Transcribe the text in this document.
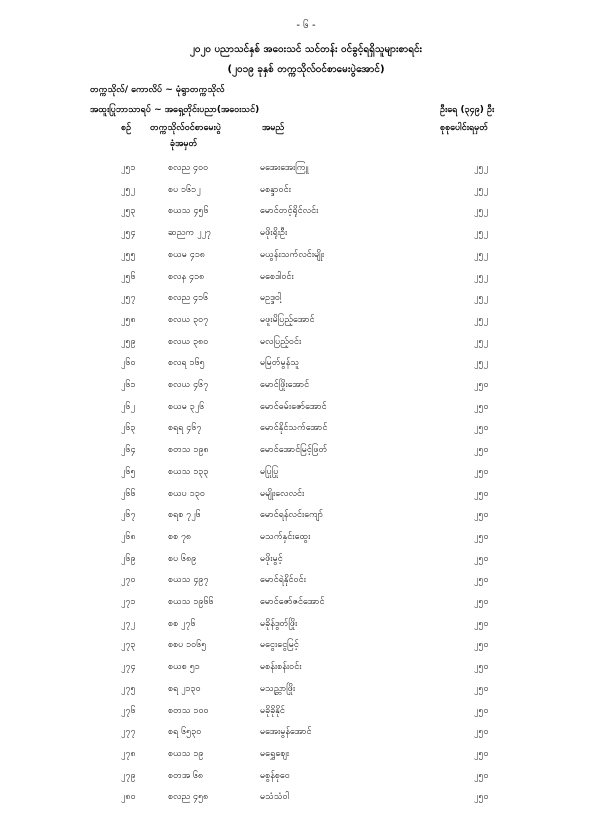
- ၆ -
၂၀၂၀ ပညာသင်နှစ် အဝေးသင် သင်တန်း ဝင်ခွင့်ရရှိသူများစာရင်း
(၂၀၁၉ ခုနှစ် တက္ကသိုလ်ဝင်စာမေးပွဲအောင်)
တက္ကသိုလ်/ ကောလိပ် ~ မုံရွာတက္ကသိုလ်
အထူးပြုဘာသာရပ် ~ အရှေ့တိုင်းပညာ(အဝေးသင်)	ဦးရေ (၃၄၉) ဦး
စဉ် တက္ကသိုလ်ဝင်စာမေးပွဲ
ခုံအမှတ်
အမည်	စုစုပေါင်းရမှတ်
၂၅၁	စလည ၄၀၀	မအေးအေးကြူ	၂၅၂
၂၅၂	စပ ၁၆၁၂	မစန္ဒာဝင်း	၂၅၂
၂၅၃	စယသ ၄၅၆	မောင်တင့်ရိုင်လင်း	၂၅၂
၂၅၄	ဆညက ၂၂၇	မဖိုးရိုးဦး	၂၅၂
၂၅၅	စယမ ၄၁၈	မယွန်းသက်လင်းမျိုး	၂၅၂
၂၅၆	စလန ၄၁၈	မစေဒါဝင်း	၂၅၂
၂၅၇	စလည ၄၁၆	မဥဒ္ဒဝါ့	၂၅၂
၂၅၈	စလယ ၃၀၇	မဖူးမိပြည့်အောင်	၂၅၂
၂၅၉	စလယ ၃၈၀	မလပြည့်ဝင်း	၂၅၂
၂၆၀	စလရ ၁၆၅	မမြတ်မွန်သူ	၂၅၂
၂၆၁	စလယ ၄၆၇	မောင်ဖြိုးအောင်	၂၅၀
၂၆၂	စယမ ၃၂၆	မောင်ဓမ်းဇော်အောင်	၂၅၀
၂၆၃	စရရ ၄၆၇	မောင်နိုင်သက်အောင်	၂၅၀
၂၆၄	စတသ ၁၉၈	မောင်အောင်မြင့်ဖြတ်	၂၅၀
၂၆၅	စယသ ၁၃၃	မပြုပြု	၂၅၀
၂၆၆	စယပ ၁၃၀	မမျိုးလေလင်း	၂၅၀
၂၆၇	စရစ ၇၂၆	မောင်ရန်လင်းကျော်	၂၅၀
၂၆၈	စစ ၇၈	မသက်နှင်းထွေး	၂၅၀
၂၆၉	စပ ၆၈၉	မဖိုးမွင့်	၂၅၀
၂၇၀	စယသ ၄၉၇	မောင်ရဲနိုင်ဝင်း	၂၅၀
၂၇၁	စယသ ၁၉၆၆	မောင်ဇော်ဇင်အောင်	၂၅၀
၂၇၂	စစ ၂၇၆	မခိုန်ဒွတ်ဖြိုး	၂၅၀
၂၇၃	စစပ ၁၀၆၅	မငွေးငွေမြင့်	၂၅၀
၂၇၄	စယစ ၅၁	မစန်းစန်းဝင်း	၂၅၀
၂၇၅	စရ ၂၁၃၀	မသည္တာဖြိုး	၂၅၀
၂၇၆	စတသ ၁၀၀	မခိုခိုနိုင်	၂၅၀
၂၇၇	စရ ၆၅၃၀	မအေးမွန်အောင်	၂၅၀
၂၇၈	စယသ ၁၉	မရွှေစျေး	၂၅၀
၂၇၉	စတအ ၆၈	မစွန်စုဝေ	၂၅၀
၂၈၀	စလည ၄၅၈	မသံသံဝါ	၂၅၀
